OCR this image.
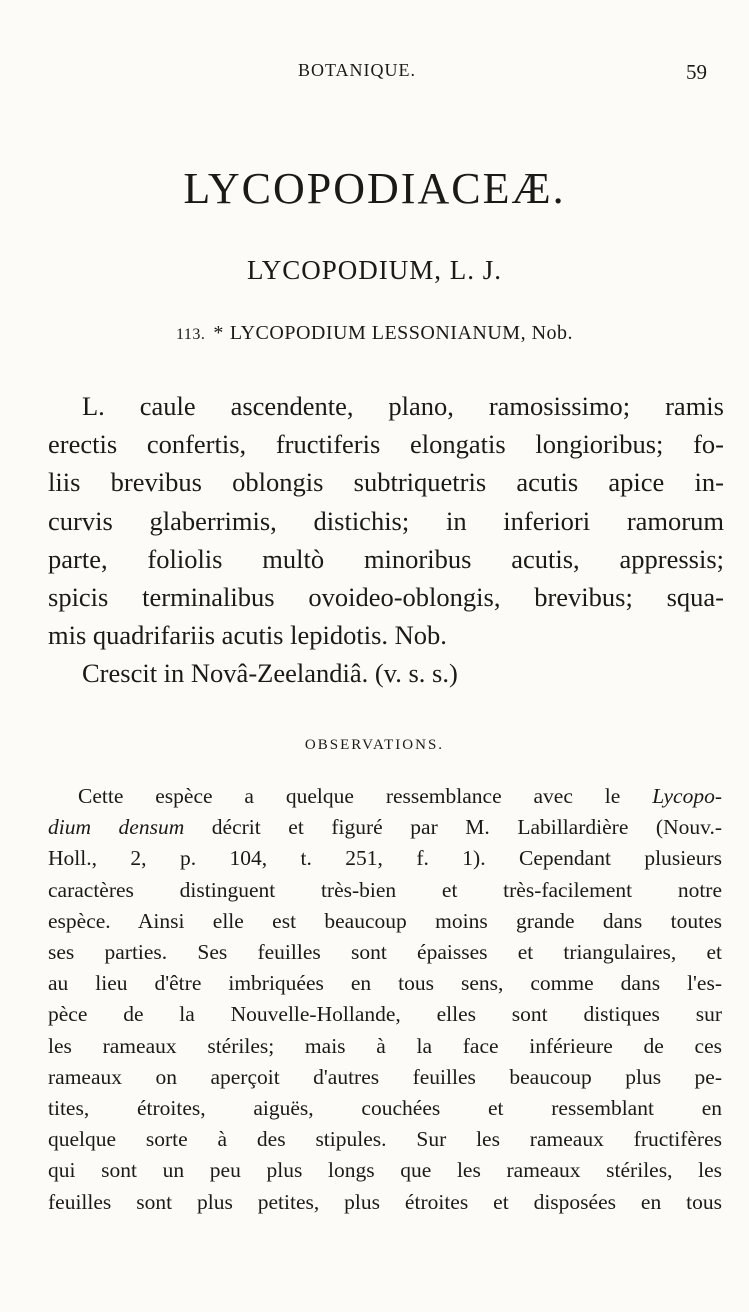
BOTANIQUE.	59
LYCOPODIACEÆ.
LYCOPODIUM, L. J.
113. * LYCOPODIUM LESSONIANUM, Nob.
L. caule ascendente, plano, ramosissimo; ramis
erectis confertis, fructiferis elongatis longioribus; fo-
liis brevibus oblongis subtriquetris acutis apice in-
curvis glaberrimis, distichis; in inferiori ramorum
parte, foliolis multò minoribus acutis, appressis;
spicis terminalibus ovoideo-oblongis, brevibus; squa-
mis quadrifariis acutis lepidotis. Nob.
Crescit in Novâ-Zeelandiâ. (v. s. s.)
OBSERVATIONS.
Cette espèce a quelque ressemblance avec le Lycopo-
dium densum décrit et figuré par M. Labillardière (Nouv.-
Holl., 2, p. 104, t. 251, f. 1). Cependant plusieurs
caractères distinguent très-bien et très-facilement notre
espèce. Ainsi elle est beaucoup moins grande dans toutes
ses parties. Ses feuilles sont épaisses et triangulaires, et
au lieu d'être imbriquées en tous sens, comme dans l'es-
pèce de la Nouvelle-Hollande, elles sont distiques sur
les rameaux stériles; mais à la face inférieure de ces
rameaux on aperçoit d'autres feuilles beaucoup plus pe-
tites, étroites, aiguës, couchées et ressemblant en
quelque sorte à des stipules. Sur les rameaux fructifères
qui sont un peu plus longs que les rameaux stériles, les
feuilles sont plus petites, plus étroites et disposées en tous
